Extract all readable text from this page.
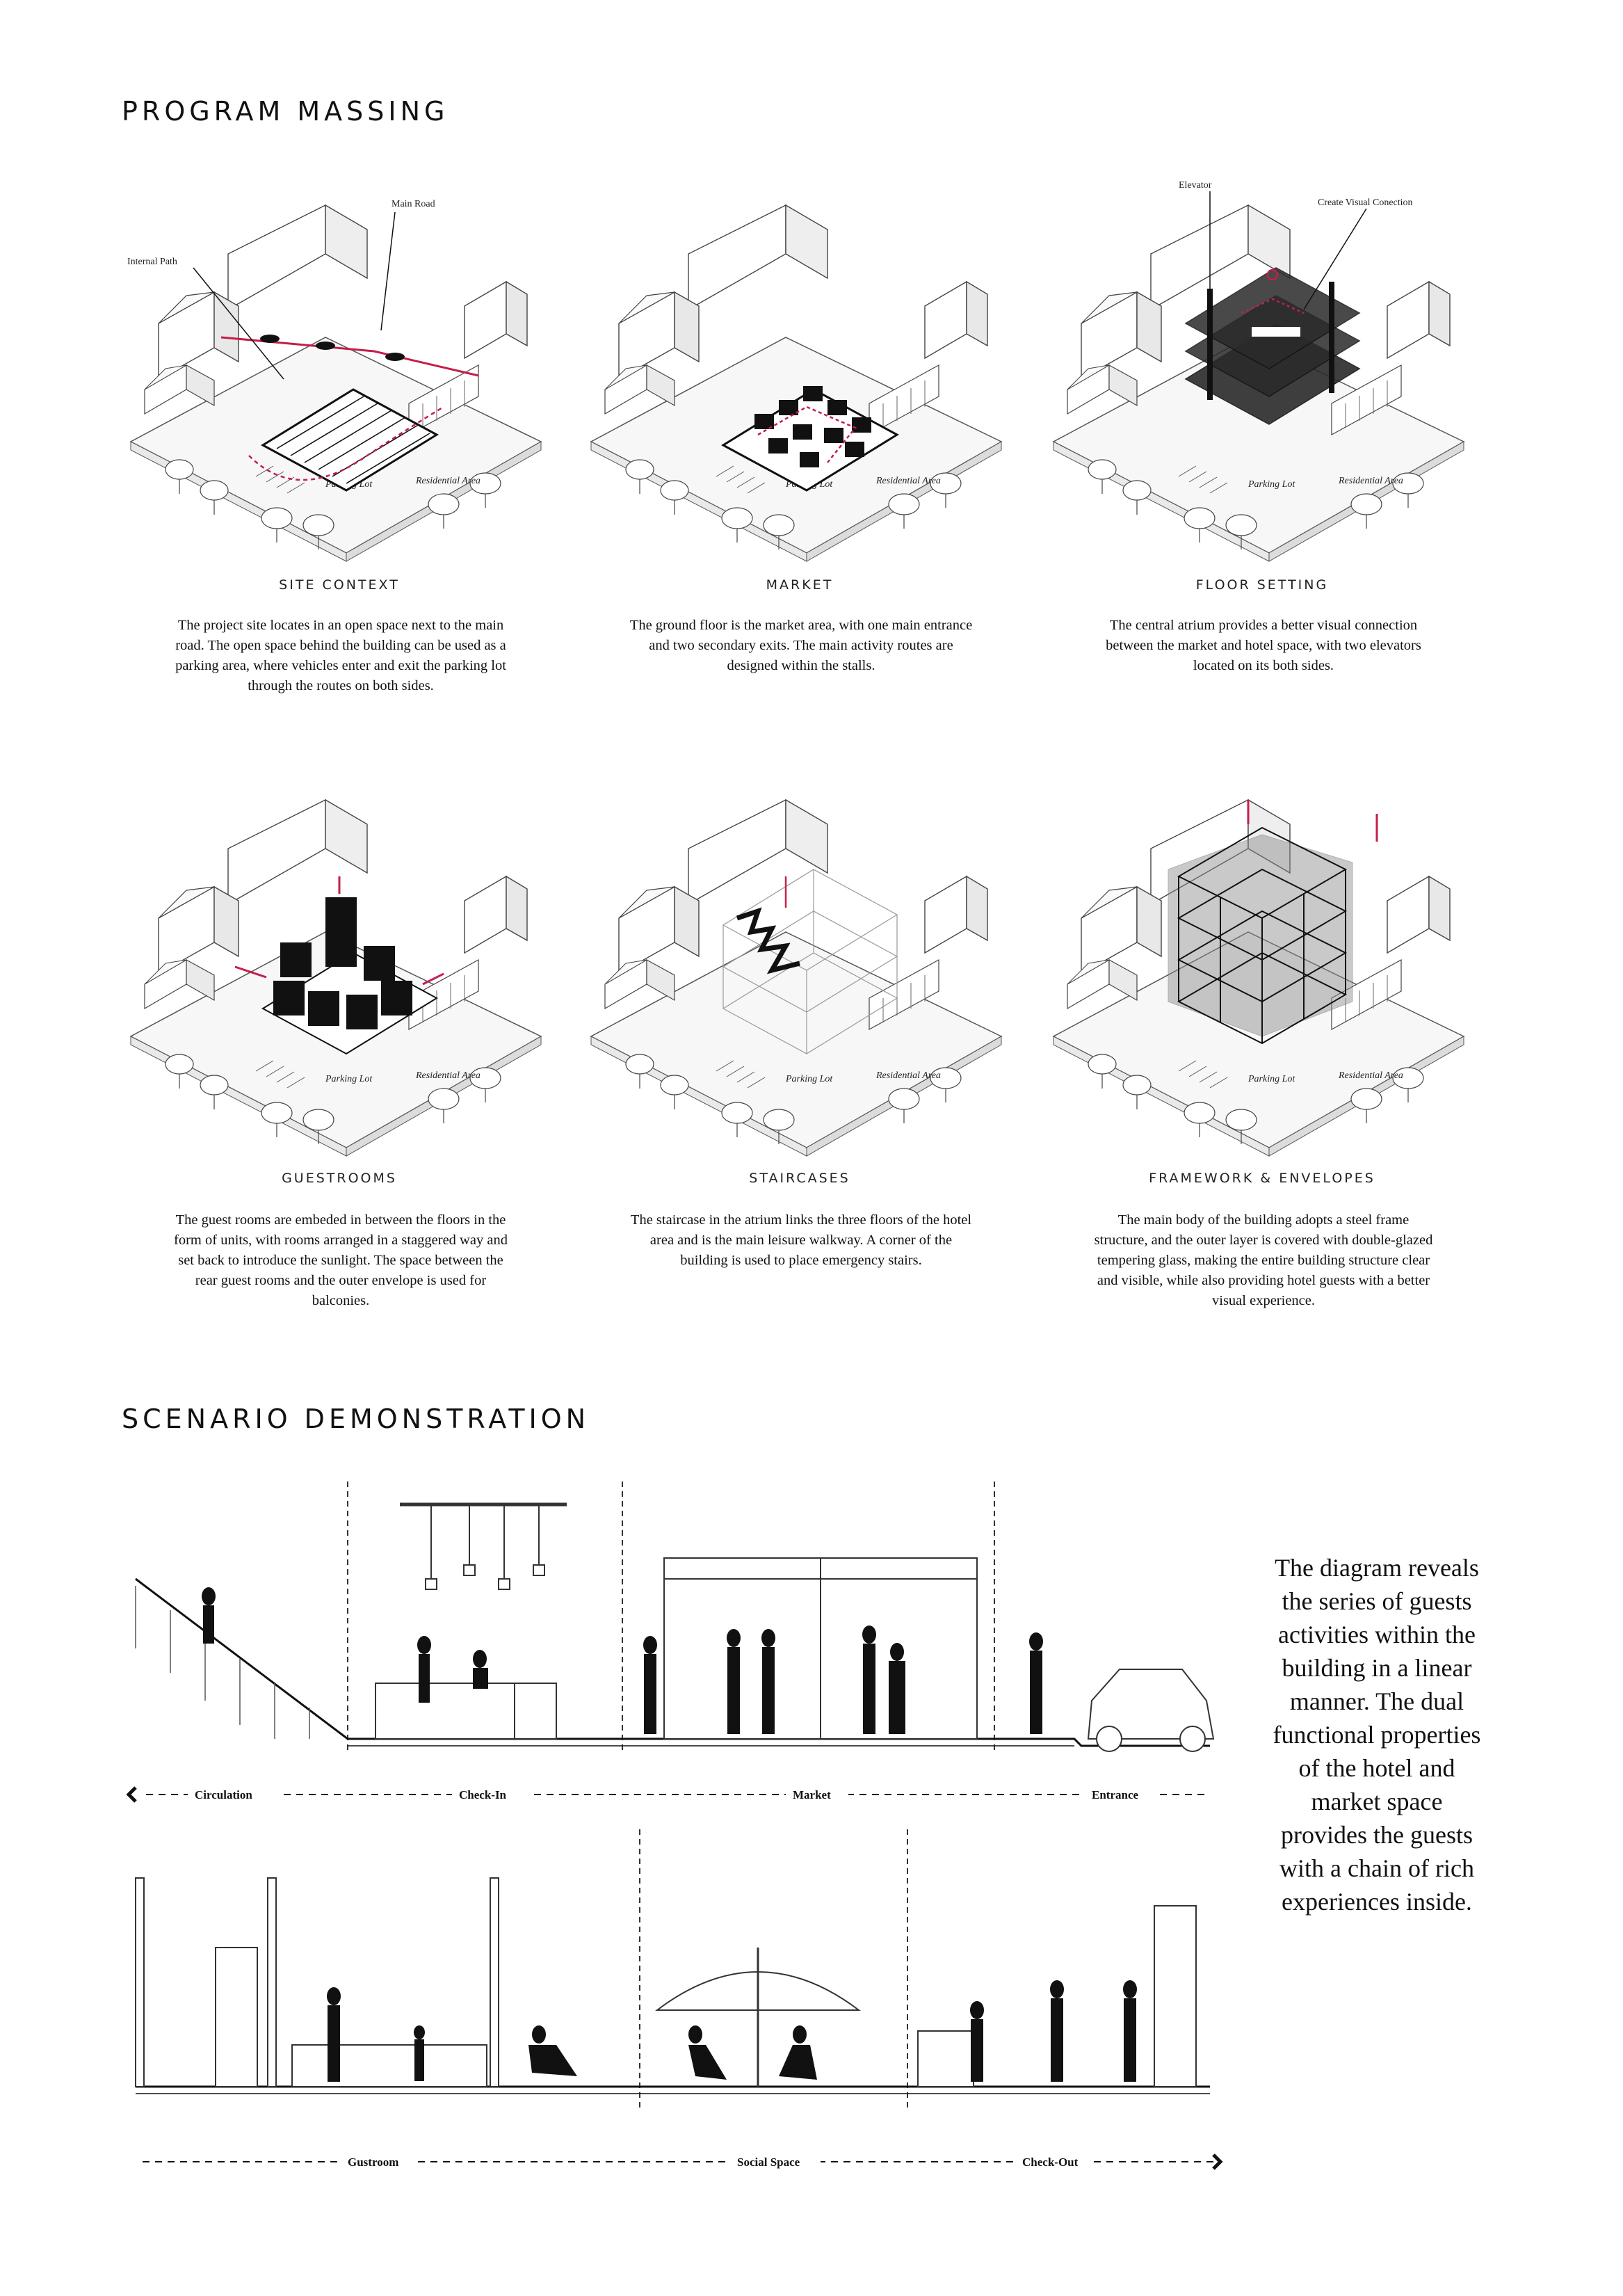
PROGRAM MASSING
SCENARIO DEMONSTRATION
Main Road
Internal Path
Elevator
Create Visual Conection
SITE CONTEXT	MARKET	FLOOR SETTING
GUESTROOMS	STAIRCASES	FRAMEWORK & ENVELOPES
The project site locates in an open space next to the main road. The open space behind the building can be used as a parking area, where vehicles enter and exit the parking lot through the routes on both sides.
The ground floor is the market area, with one main entrance and two secondary exits. The main activity routes are designed within the stalls.
The central atrium provides a better visual connection between the market and hotel space, with two elevators located on its both sides.
The guest rooms are embeded in between the floors in the form of units, with rooms arranged in a staggered way and set back to introduce the sunlight. The space between the rear guest rooms and the outer envelope is used for balconies.
The staircase in the atrium links the three floors of the hotel area and is the main leisure walkway. A corner of the building is used to place emergency stairs.
The main body of the building adopts a steel frame structure, and the outer layer is covered with double-glazed tempering glass, making the entire building structure clear and visible, while also providing hotel guests with a better visual experience.
Circulation	Check-In	Market	Entrance
Gustroom	Social Space	Check-Out
The diagram reveals the series of guests activities within the building in a linear manner. The dual functional properties of the hotel and market space provides the guests with a chain of rich experiences inside.
